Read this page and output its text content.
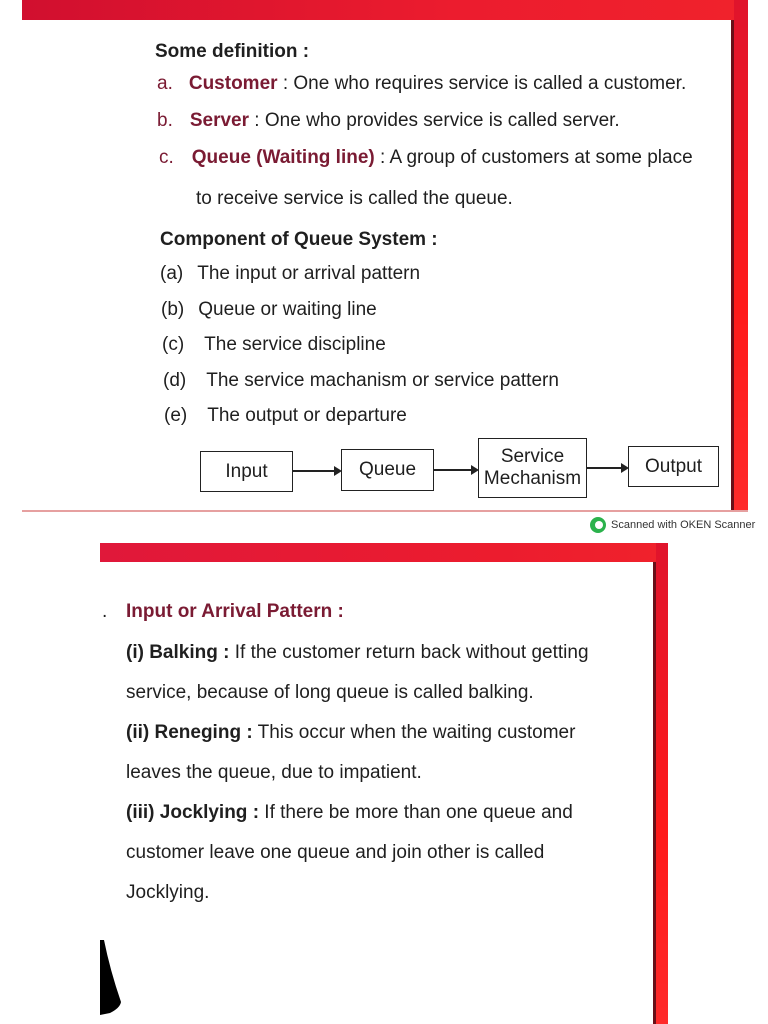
Some definition :
a. Customer : One who requires service is called a customer.
b. Server : One who provides service is called server.
c. Queue (Waiting line) : A group of customers at some place
to receive service is called the queue.
Component of Queue System :
(a) The input or arrival pattern
(b) Queue or waiting line
(c) The service discipline
(d) The service machanism or service pattern
(e) The output or departure
Input	Queue
Service
Mechanism
Output
Scanned with OKEN Scanner
. Input or Arrival Pattern :
(i) Balking : If the customer return back without getting
service, because of long queue is called balking.
(ii) Reneging : This occur when the waiting customer
leaves the queue, due to impatient.
(iii) Jocklying : If there be more than one queue and
customer leave one queue and join other is called
Jocklying.
